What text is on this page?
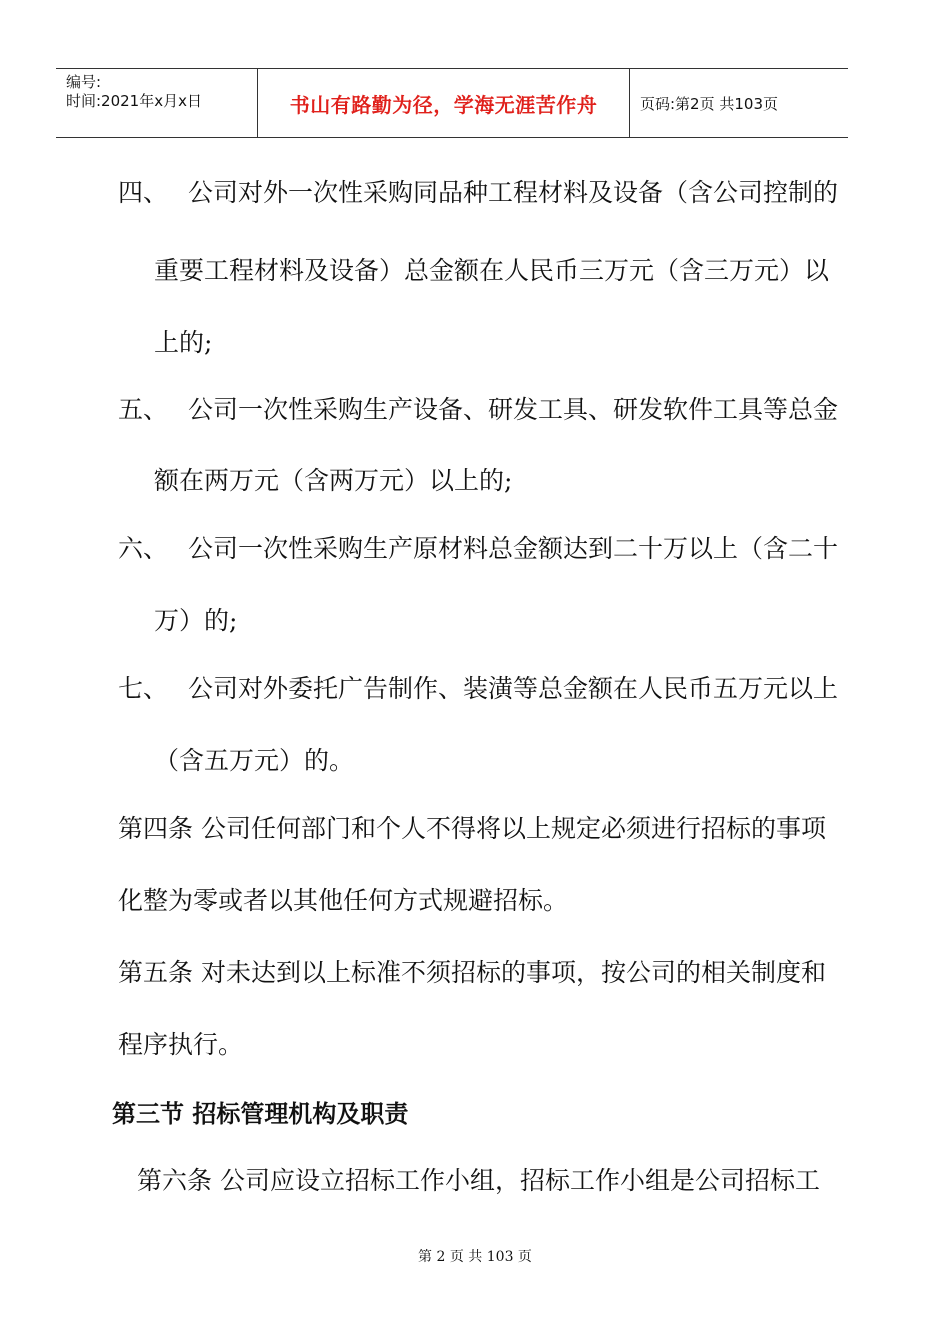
编号:
时间:2021年x月x日	书山有路勤为径，学海无涯苦作舟	页码:第2页 共103页
四、 公司对外一次性采购同品种工程材料及设备（含公司控制的
重要工程材料及设备）总金额在人民币三万元（含三万元）以
上的;
五、 公司一次性采购生产设备、研发工具、研发软件工具等总金
额在两万元（含两万元）以上的;
六、 公司一次性采购生产原材料总金额达到二十万以上（含二十
万）的;
七、 公司对外委托广告制作、装潢等总金额在人民币五万元以上
（含五万元）的。
第四条 公司任何部门和个人不得将以上规定必须进行招标的事项
化整为零或者以其他任何方式规避招标。
第五条 对未达到以上标准不须招标的事项，按公司的相关制度和
程序执行。
第三节 招标管理机构及职责
第六条 公司应设立招标工作小组，招标工作小组是公司招标工
第 2 页 共 103 页
